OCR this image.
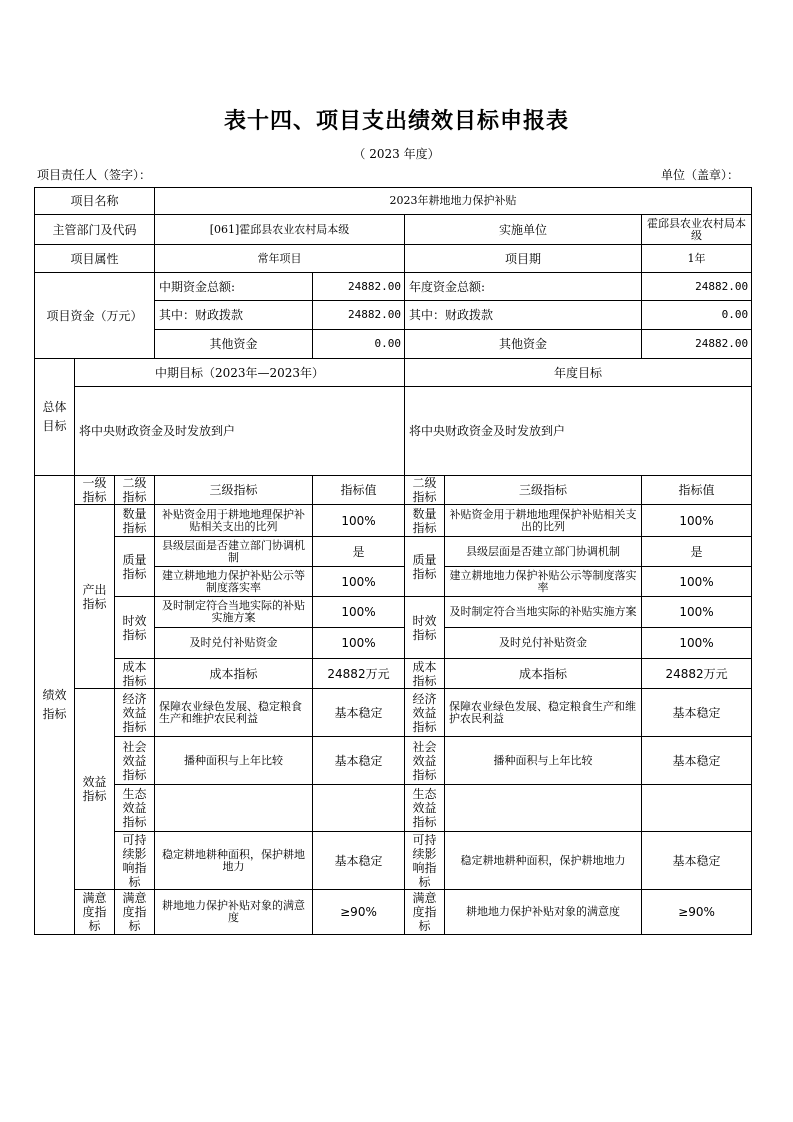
表十四、项目支出绩效目标申报表
（ 2023 年度）
项目责任人（签字）：	单位（盖章）：
项目名称			2023年耕地地力保护补贴				
主管部门及代码			[061]霍邱县农业农村局本级		实施单位		霍邱县农业农村局本级
项目属性			常年项目		项目期		1年
项目资金（万元）			中期资金总额:	24882.00	年度资金总额:		24882.00
			其中：财政拨款	24882.00	其中：财政拨款		0.00
			其他资金	0.00	其他资金		24882.00
总体目标	中期目标（2023年—2023年）				年度目标		
	将中央财政资金及时发放到户				将中央财政资金及时发放到户		
绩效指标	一级指标	二级指标	三级指标	指标值	二级指标	三级指标	指标值
	产出指标	数量指标	补贴资金用于耕地地理保护补贴相关支出的比列	100%	数量指标	补贴资金用于耕地地理保护补贴相关支出的比列	100%
		质量指标	县级层面是否建立部门协调机制	是	质量指标	县级层面是否建立部门协调机制	是
			建立耕地地力保护补贴公示等制度落实率	100%		建立耕地地力保护补贴公示等制度落实率	100%
		时效指标	及时制定符合当地实际的补贴实施方案	100%	时效指标	及时制定符合当地实际的补贴实施方案	100%
			及时兑付补贴资金	100%		及时兑付补贴资金	100%
		成本指标	成本指标	24882万元	成本指标	成本指标	24882万元
	效益指标	经济效益指标	保障农业绿色发展、稳定粮食生产和维护农民利益	基本稳定	经济效益指标	保障农业绿色发展、稳定粮食生产和维护农民利益	基本稳定
		社会效益指标	播种面积与上年比较	基本稳定	社会效益指标	播种面积与上年比较	基本稳定
		生态效益指标			生态效益指标		
		可持续影响指标	稳定耕地耕种面积，保护耕地地力	基本稳定	可持续影响指标	稳定耕地耕种面积，保护耕地地力	基本稳定
	满意度指标	满意度指标	耕地地力保护补贴对象的满意度	≥90%	满意度指标	耕地地力保护补贴对象的满意度	≥90%
